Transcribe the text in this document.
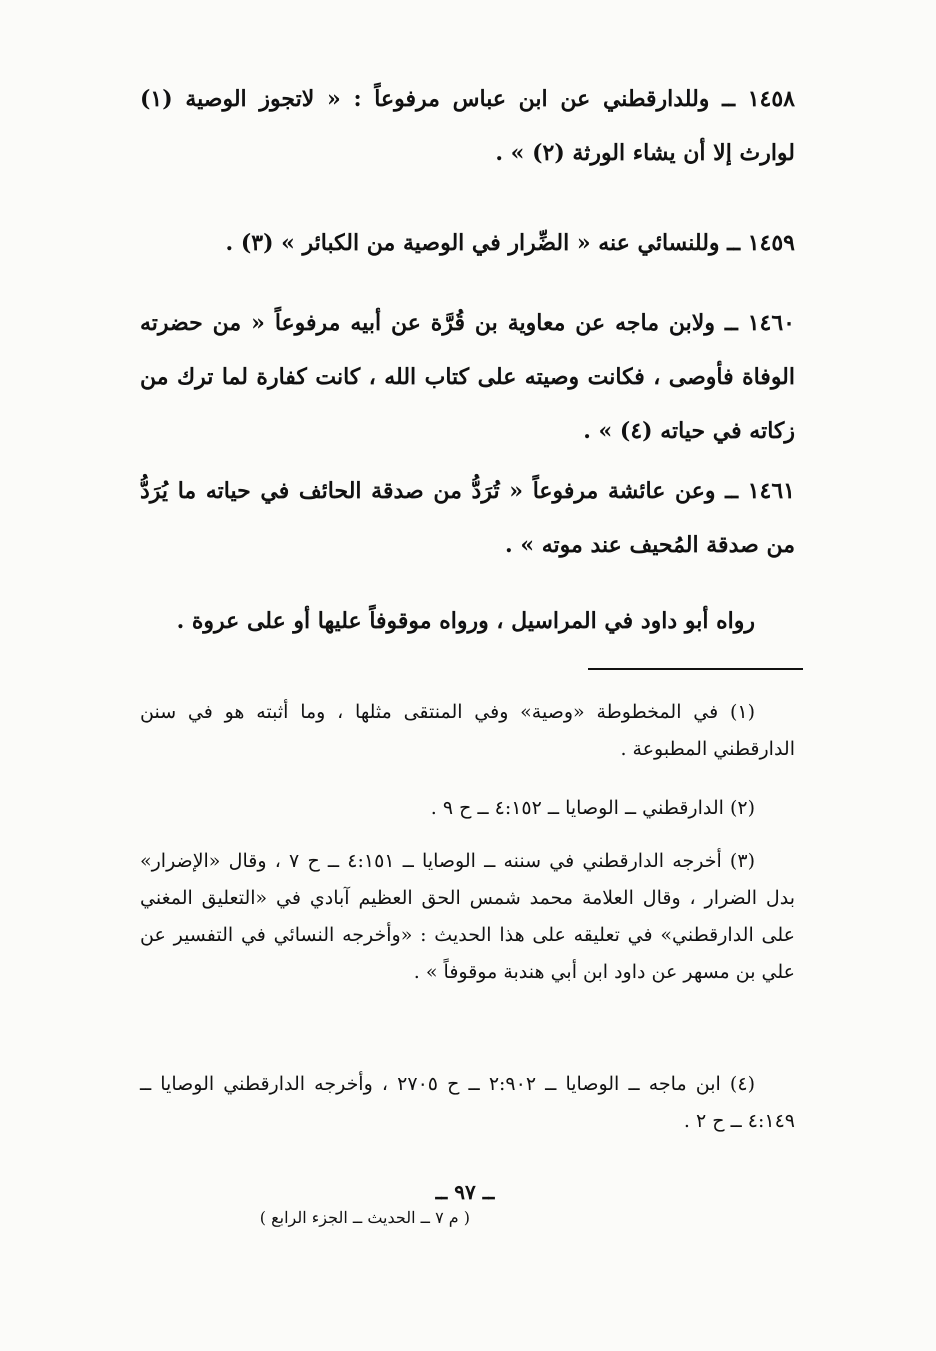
١٤٥٨ ــ وللدارقطني عن ابن عباس مرفوعاً : « لاتجوز الوصية (١) لوارث إلا أن يشاء الورثة (٢) » .

١٤٥٩ ــ وللنسائي عنه « الضِّرار في الوصية من الكبائر » (٣) .

١٤٦٠ ــ ولابن ماجه عن معاوية بن قُرَّة عن أبيه مرفوعاً « من حضرته الوفاة فأوصى ، فكانت وصيته على كتاب الله ، كانت كفارة لما ترك من زكاته في حياته (٤) » .

١٤٦١ ــ وعن عائشة مرفوعاً « تُرَدُّ من صدقة الحائف في حياته ما يُرَدُّ من صدقة المُحيف عند موته » .

رواه أبو داود في المراسيل ، ورواه موقوفاً عليها أو على عروة .

(١) في المخطوطة «وصية» وفي المنتقى مثلها ، وما أثبته هو في سنن الدارقطني المطبوعة .

(٢) الدارقطني ــ الوصايا ــ ٤:١٥٢ ــ ح ٩ .

(٣) أخرجه الدارقطني في سننه ــ الوصايا ــ ٤:١٥١ ــ ح ٧ ، وقال «الإضرار» بدل الضرار ، وقال العلامة محمد شمس الحق العظيم آبادي في «التعليق المغني على الدارقطني» في تعليقه على هذا الحديث : «وأخرجه النسائي في التفسير عن علي بن مسهر عن داود ابن أبي هندبة موقوفاً » .

(٤) ابن ماجه ــ الوصايا ــ ٢:٩٠٢ ــ ح ٢٧٠٥ ، وأخرجه الدارقطني الوصايا ــ ٤:١٤٩ ــ ح ٢ .

ــ ٩٧ ــ
( م ٧ ــ الحديث ــ الجزء الرابع )
